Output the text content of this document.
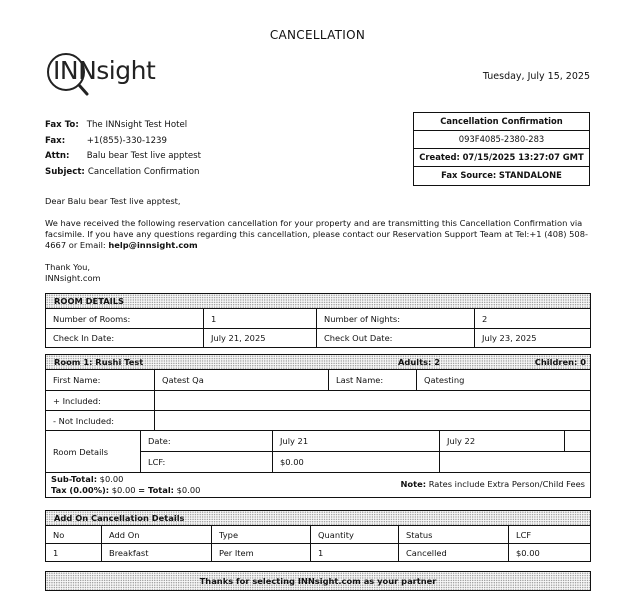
CANCELLATION
INNsight	Tuesday, July 15, 2025
Fax To: The INNsight Test Hotel
Fax:	+1(855)-330-1239
Attn: Balu bear Test live apptest
Subject: Cancellation Confirmation
Cancellation Confirmation
093F4085-2380-283
Created: 07/15/2025 13:27:07 GMT
Fax Source: STANDALONE

Dear Balu bear Test live apptest,

We have received the following reservation cancellation for your property and are transmitting this Cancellation Confirmation via facsimile. If you have any questions regarding this cancellation, please contact our Reservation Support Team at Tel:+1 (408) 508-4667 or Email: help@innsight.com

Thank You,
INNsight.com
ROOM DETAILS
Number of Rooms:	1	Number of Nights:	2
Check In Date:	July 21, 2025	Check Out Date:	July 23, 2025
Room 1: Rushi Test	Adults: 2	Children: 0
First Name:	Qatest Qa	Last Name:	Qatesting
+ Included:
- Not Included:
Room Details
Date:	July 21	July 22
LCF:	$0.00
Sub-Total: $0.00
Tax (0.00%): $0.00 = Total: $0.00
Note: Rates include Extra Person/Child Fees
Add On Cancellation Details
No	Add On	Type	Quantity	Status	LCF
1	Breakfast	Per Item	1	Cancelled	$0.00
Thanks for selecting INNsight.com as your partner
